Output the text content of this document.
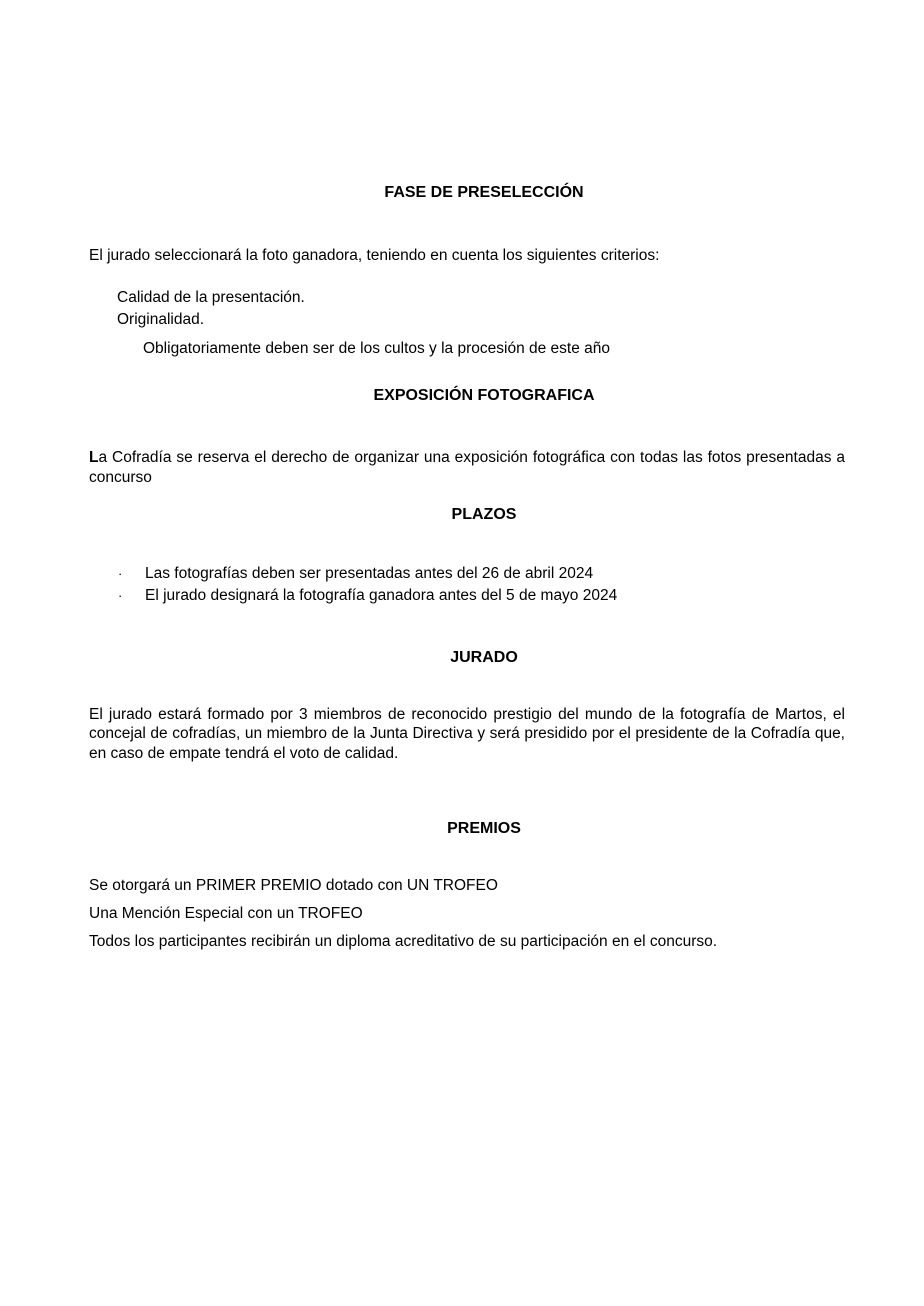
FASE DE PRESELECCIÓN

El jurado seleccionará la foto ganadora, teniendo en cuenta los siguientes criterios:

Calidad de la presentación.

Originalidad.

Obligatoriamente deben ser de los cultos y la procesión de este año

EXPOSICIÓN FOTOGRAFICA

La Cofradía se reserva el derecho de organizar una exposición fotográfica con todas las fotos presentadas a concurso

PLAZOS

·	Las fotografías deben ser presentadas antes del 26 de abril 2024
·	El jurado designará la fotografía ganadora antes del 5 de mayo 2024

JURADO

El jurado estará formado por 3 miembros de reconocido prestigio del mundo de la fotografía de Martos, el concejal de cofradías, un miembro de la Junta Directiva y será presidido por el presidente de la Cofradía que, en caso de empate tendrá el voto de calidad.

PREMIOS

Se otorgará un PRIMER PREMIO dotado con UN TROFEO

Una Mención Especial con un TROFEO

Todos los participantes recibirán un diploma acreditativo de su participación en el concurso.
